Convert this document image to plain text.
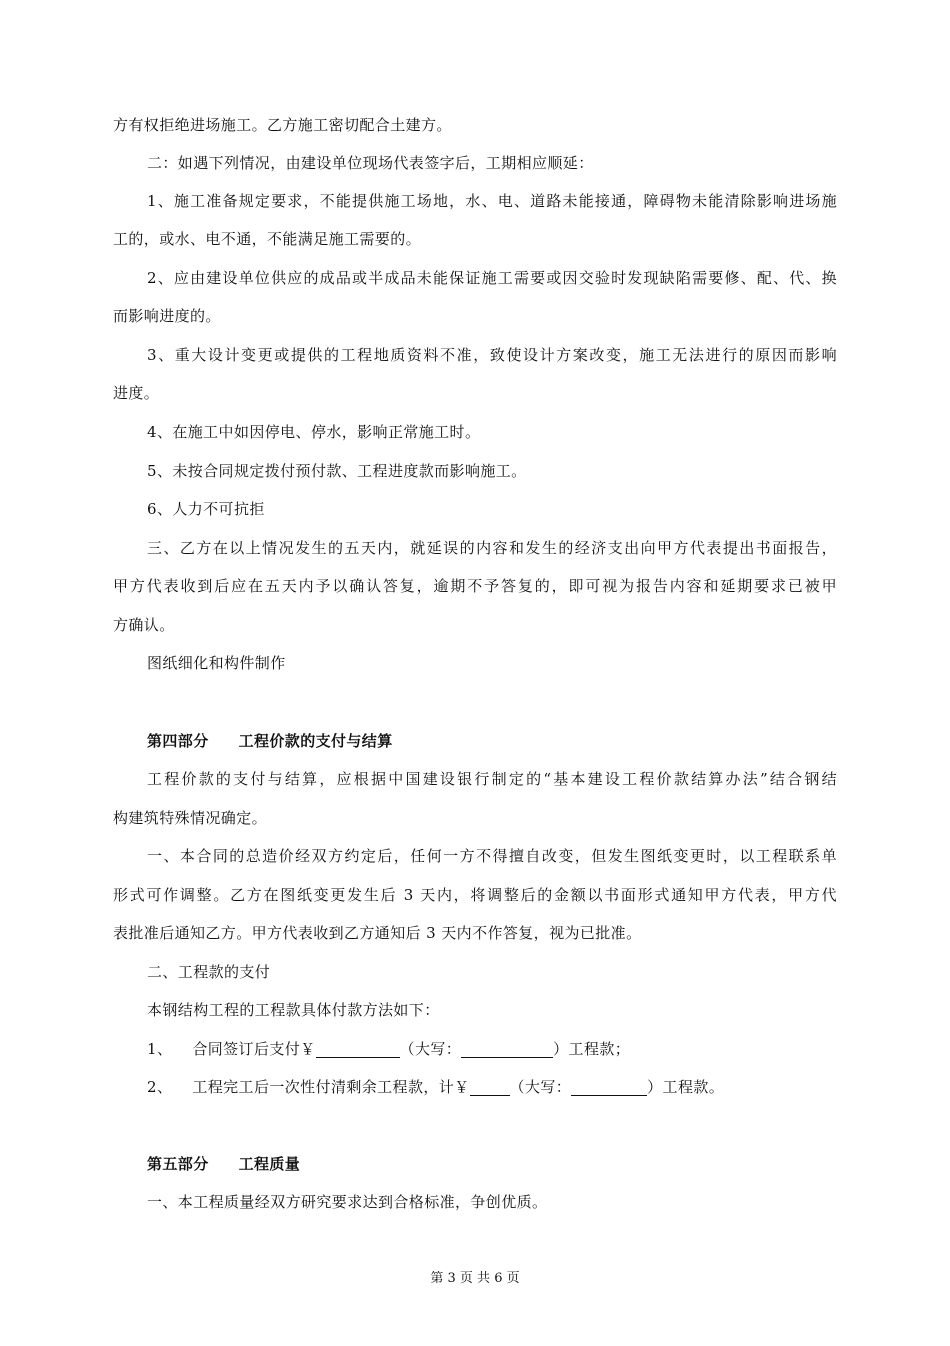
方有权拒绝进场施工。乙方施工密切配合土建方。
二：如遇下列情况，由建设单位现场代表签字后，工期相应顺延：
1、施工准备规定要求，不能提供施工场地，水、电、道路未能接通，障碍物未能清除影响进场施
工的，或水、电不通，不能满足施工需要的。
2、应由建设单位供应的成品或半成品未能保证施工需要或因交验时发现缺陷需要修、配、代、换
而影响进度的。
3、重大设计变更或提供的工程地质资料不准，致使设计方案改变，施工无法进行的原因而影响
进度。
4、在施工中如因停电、停水，影响正常施工时。
5、未按合同规定拨付预付款、工程进度款而影响施工。
6、人力不可抗拒
三、乙方在以上情况发生的五天内，就延误的内容和发生的经济支出向甲方代表提出书面报告，
甲方代表收到后应在五天内予以确认答复，逾期不予答复的，即可视为报告内容和延期要求已被甲
方确认。
图纸细化和构件制作
第四部分 工程价款的支付与结算
工程价款的支付与结算，应根据中国建设银行制定的“基本建设工程价款结算办法”结合钢结
构建筑特殊情况确定。
一、本合同的总造价经双方约定后，任何一方不得擅自改变，但发生图纸变更时，以工程联系单
形式可作调整。乙方在图纸变更发生后 3 天内，将调整后的金额以书面形式通知甲方代表，甲方代
表批准后通知乙方。甲方代表收到乙方通知后 3 天内不作答复，视为已批准。
二、工程款的支付
本钢结构工程的工程款具体付款方法如下：
1、 合同签订后支付￥	（大写：	）工程款；
2、 工程完工后一次性付清剩余工程款，计￥	（大写：	）工程款。
第五部分 工程质量
一、本工程质量经双方研究要求达到合格标准，争创优质。
第 3 页 共 6 页
